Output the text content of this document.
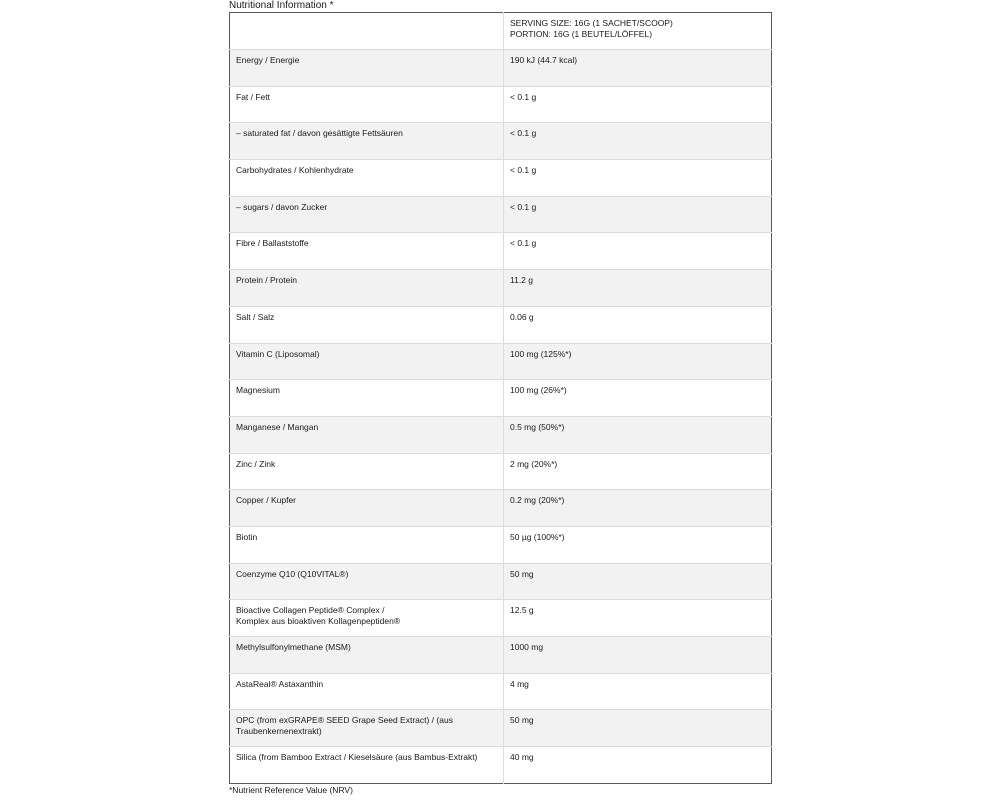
Nutritional Information *

	SERVING SIZE: 16G (1 SACHET/SCOOP)
PORTION: 16G (1 BEUTEL/LÖFFEL)

Energy / Energie	190 kJ (44.7 kcal)
Fat / Fett	< 0.1 g
– saturated fat / davon gesättigte Fettsäuren	< 0.1 g
Carbohydrates / Kohlenhydrate	< 0.1 g
– sugars / davon Zucker	< 0.1 g
Fibre / Ballaststoffe	< 0.1 g
Protein / Protein	11.2 g
Salt / Salz	0.06 g
Vitamin C (Liposomal)	100 mg (125%*)
Magnesium	100 mg (26%*)
Manganese / Mangan	0.5 mg (50%*)
Zinc / Zink	2 mg (20%*)
Copper / Kupfer	0.2 mg (20%*)
Biotin	50 µg (100%*)
Coenzyme Q10 (Q10VITAL®)	50 mg
Bioactive Collagen Peptide® Complex /
Komplex aus bioaktiven Kollagenpeptiden®	12.5 g
Methylsulfonylmethane (MSM)	1000 mg
AstaReal® Astaxanthin	4 mg
OPC (from exGRAPE® SEED Grape Seed Extract) / (aus
Traubenkernenextrakt)	50 mg
Silica (from Bamboo Extract / Kieselsäure (aus Bambus-Extrakt)	40 mg
*Nutrient Reference Value (NRV)
